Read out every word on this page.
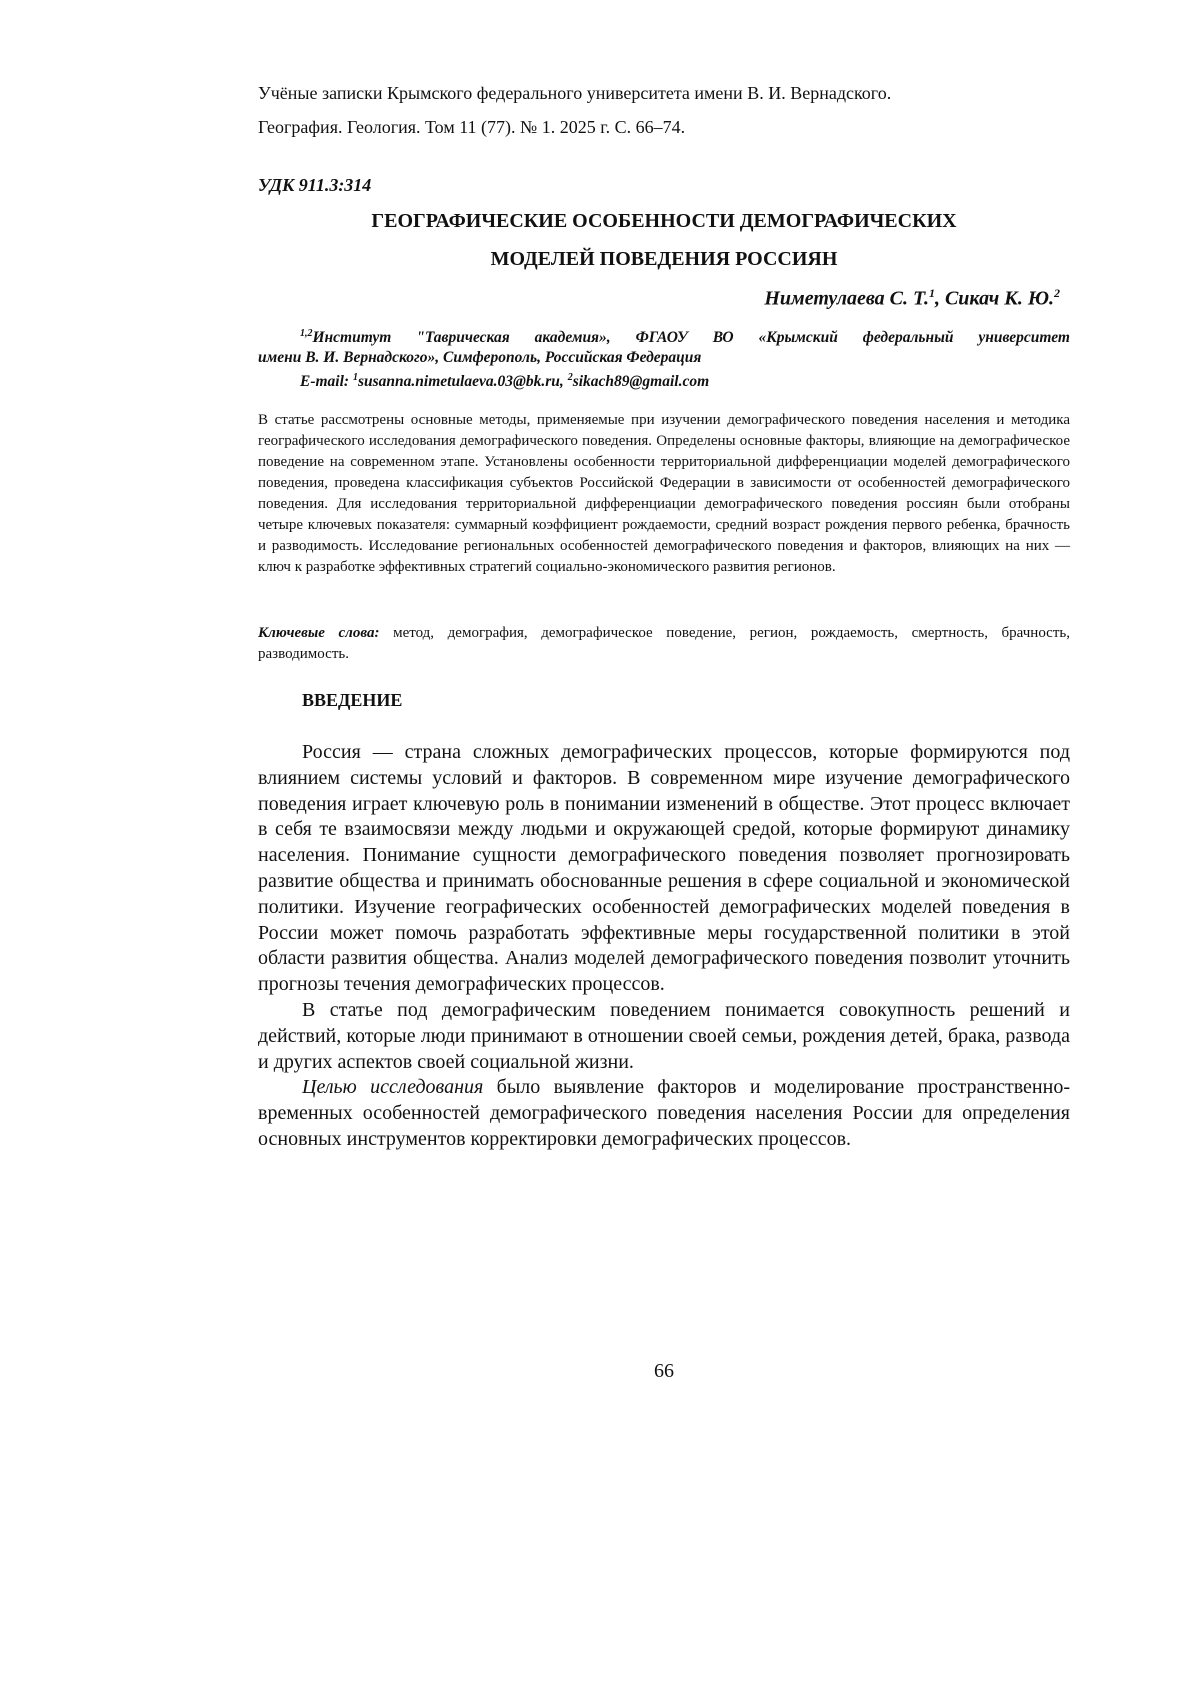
Учёные записки Крымского федерального университета имени В. И. Вернадского.
География. Геология. Том 11 (77). № 1. 2025 г. С. 66–74.
УДК 911.3:314
ГЕОГРАФИЧЕСКИЕ ОСОБЕННОСТИ ДЕМОГРАФИЧЕСКИХ
МОДЕЛЕЙ ПОВЕДЕНИЯ РОССИЯН
Ниметулаева С. Т.1, Сикач К. Ю.2
1,2Институт "Таврическая академия», ФГАОУ ВО «Крымский федеральный университет
имени В. И. Вернадского», Симферополь, Российская Федерация
E-mail: 1susanna.nimetulaeva.03@bk.ru, 2sikach89@gmail.com
В статье рассмотрены основные методы, применяемые при изучении демографического поведения населения и методика географического исследования демографического поведения. Определены основные факторы, влияющие на демографическое поведение на современном этапе. Установлены особенности территориальной дифференциации моделей демографического поведения, проведена классификация субъектов Российской Федерации в зависимости от особенностей демографического поведения. Для исследования территориальной дифференциации демографического поведения россиян были отобраны четыре ключевых показателя: суммарный коэффициент рождаемости, средний возраст рождения первого ребенка, брачность и разводимость. Исследование региональных особенностей демографического поведения и факторов, влияющих на них — ключ к разработке эффективных стратегий социально-экономического развития регионов.
Ключевые слова: метод, демография, демографическое поведение, регион, рождаемость, смертность, брачность, разводимость.
ВВЕДЕНИЕ

Россия — страна сложных демографических процессов, которые формируются под влиянием системы условий и факторов. В современном мире изучение демографического поведения играет ключевую роль в понимании изменений в обществе. Этот процесс включает в себя те взаимосвязи между людьми и окружающей средой, которые формируют динамику населения. Понимание сущности демографического поведения позволяет прогнозировать развитие общества и принимать обоснованные решения в сфере социальной и экономической политики. Изучение географических особенностей демографических моделей поведения в России может помочь разработать эффективные меры государственной политики в этой области развития общества. Анализ моделей демографического поведения позволит уточнить прогнозы течения демографических процессов.

В статье под демографическим поведением понимается совокупность решений и действий, которые люди принимают в отношении своей семьи, рождения детей, брака, развода и других аспектов своей социальной жизни.

Целью исследования было выявление факторов и моделирование пространственно-временных особенностей демографического поведения населения России для определения основных инструментов корректировки демографических процессов.

66
